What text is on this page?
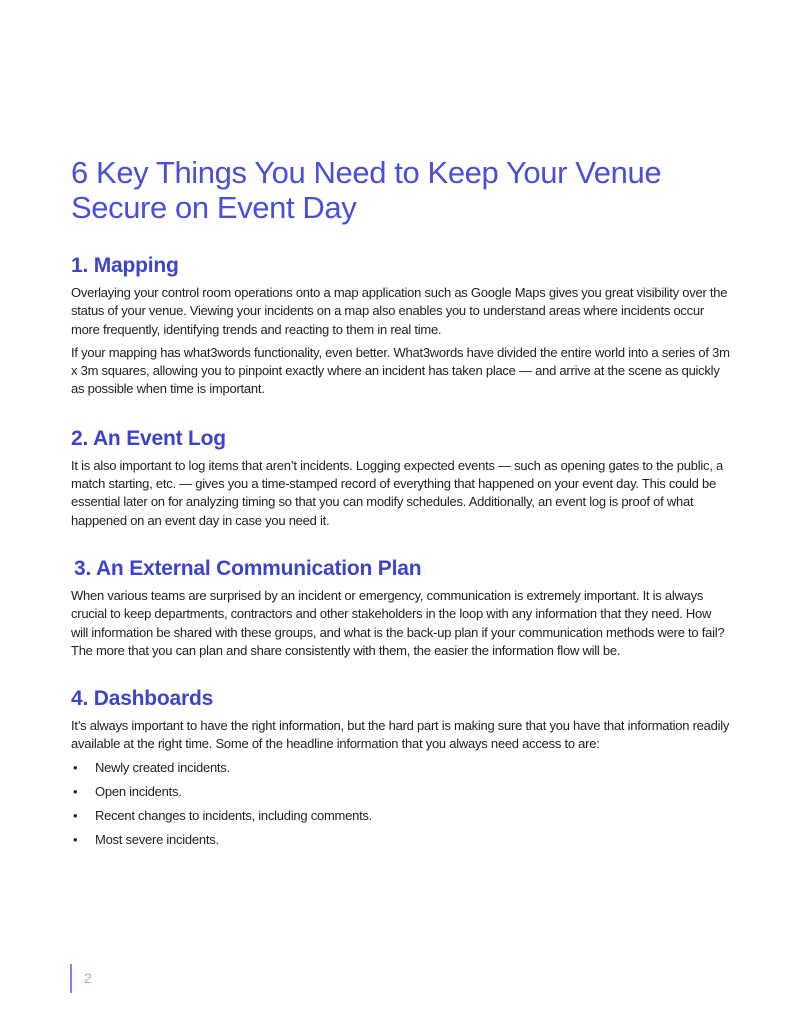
6 Key Things You Need to Keep Your Venue Secure on Event Day
1. Mapping

Overlaying your control room operations onto a map application such as Google Maps gives you great visibility over the status of your venue. Viewing your incidents on a map also enables you to understand areas where incidents occur more frequently, identifying trends and reacting to them in real time.

If your mapping has what3words functionality, even better. What3words have divided the entire world into a series of 3m x 3m squares, allowing you to pinpoint exactly where an incident has taken place — and arrive at the scene as quickly as possible when time is important.

2. An Event Log

It is also important to log items that aren’t incidents. Logging expected events — such as opening gates to the public, a match starting, etc. — gives you a time-stamped record of everything that happened on your event day. This could be essential later on for analyzing timing so that you can modify schedules. Additionally, an event log is proof of what happened on an event day in case you need it.

3. An External Communication Plan

When various teams are surprised by an incident or emergency, communication is extremely important. It is always crucial to keep departments, contractors and other stakeholders in the loop with any information that they need. How will information be shared with these groups, and what is the back-up plan if your communication methods were to fail? The more that you can plan and share consistently with them, the easier the information flow will be.

4. Dashboards

It’s always important to have the right information, but the hard part is making sure that you have that information readily available at the right time. Some of the headline information that you always need access to are:

• Newly created incidents.
• Open incidents.
• Recent changes to incidents, including comments.
• Most severe incidents.
2
